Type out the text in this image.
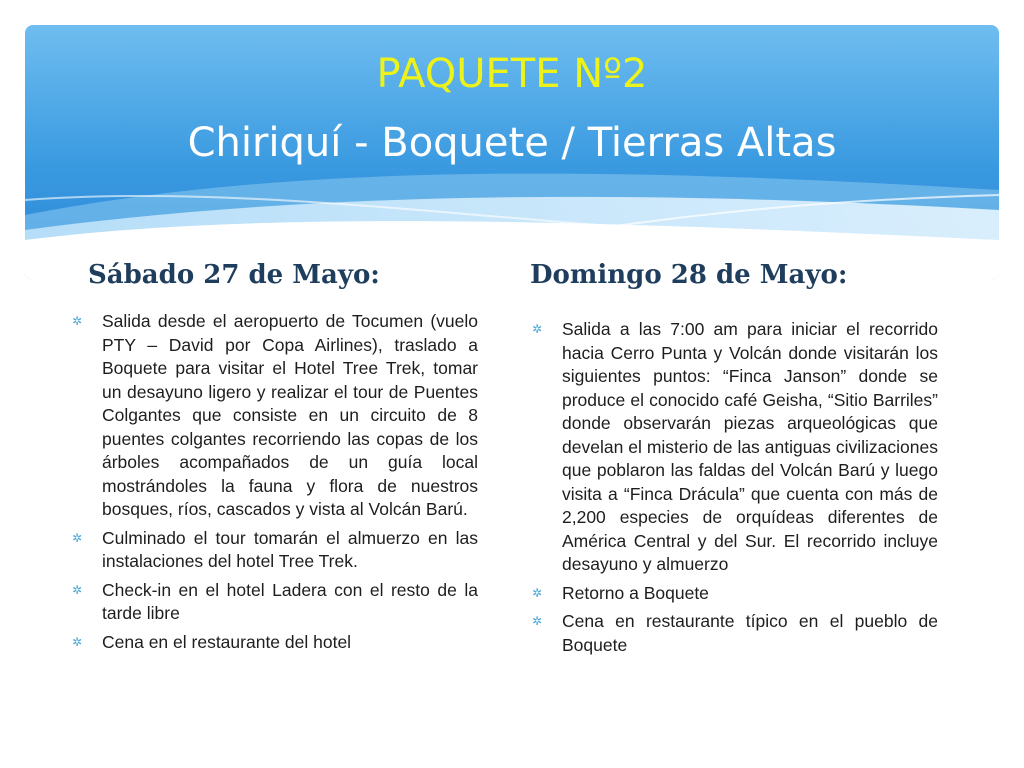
PAQUETE Nº2
Chiriquí - Boquete / Tierras Altas
Sábado 27 de Mayo:	Domingo 28 de Mayo:
✲ Salida desde el aeropuerto de Tocumen (vuelo PTY – David por Copa Airlines), traslado a Boquete para visitar el Hotel Tree Trek, tomar un desayuno ligero y realizar el tour de Puentes Colgantes que consiste en un circuito de 8 puentes colgantes recorriendo las copas de los árboles acompañados de un guía local mostrándoles la fauna y flora de nuestros bosques, ríos, cascados y vista al Volcán Barú.
✲ Culminado el tour tomarán el almuerzo en las instalaciones del hotel Tree Trek.
✲ Check-in en el hotel Ladera con el resto de la tarde libre
✲ Cena en el restaurante del hotel
✲ Salida a las 7:00 am para iniciar el recorrido hacia Cerro Punta y Volcán donde visitarán los siguientes puntos: “Finca Janson” donde se produce el conocido café Geisha, “Sitio Barriles” donde observarán piezas arqueológicas que develan el misterio de las antiguas civilizaciones que poblaron las faldas del Volcán Barú y luego visita a “Finca Drácula” que cuenta con más de 2,200 especies de orquídeas diferentes de América Central y del Sur. El recorrido incluye desayuno y almuerzo
✲ Retorno a Boquete
✲ Cena en restaurante típico en el pueblo de Boquete
